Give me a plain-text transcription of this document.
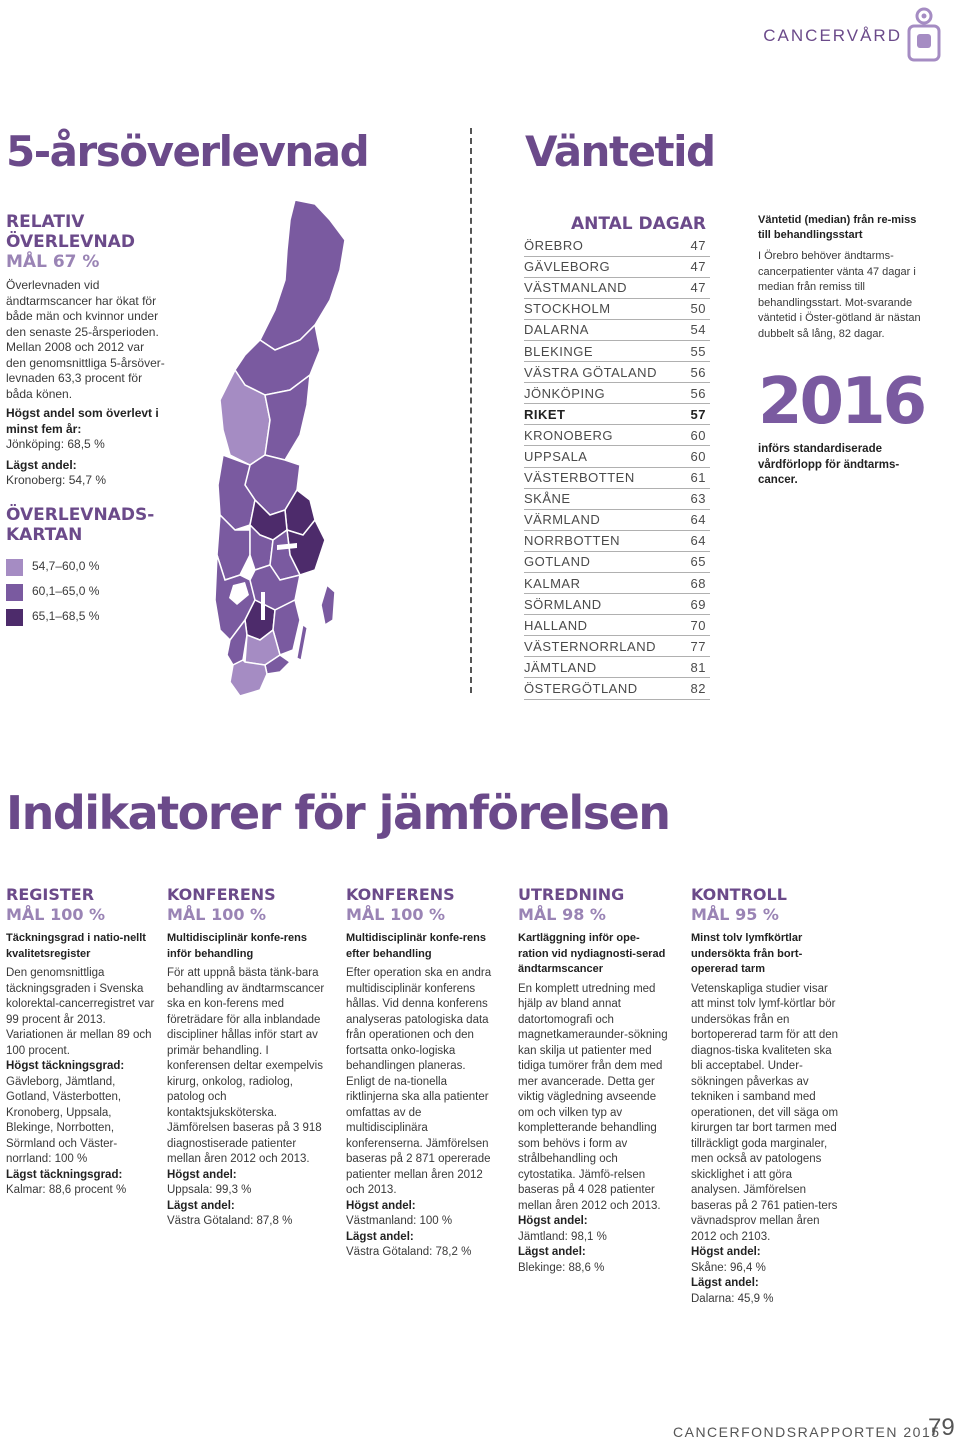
CANCERVÅRD
5-årsöverlevnad
RELATIV
ÖVERLEVNAD
MÅL 67 %
Överlevnaden vid ändtarmscancer har ökat för både män och kvinnor under den senaste 25-årsperioden. Mellan 2008 och 2012 var den genomsnittliga 5-årsöver-levnaden 63,3 procent för båda könen.
Högst andel som överlevt i minst fem år:
Jönköping: 68,5 %
Lägst andel:
Kronoberg: 54,7 %
ÖVERLEVNADS-
KARTAN
54,7–60,0 %
60,1–65,0 %
65,1–68,5 %
Väntetid
ANTAL DAGAR
ÖREBRO	47
GÄVLEBORG	47
VÄSTMANLAND	47
STOCKHOLM	50
DALARNA	54
BLEKINGE	55
VÄSTRA GÖTALAND	56
JÖNKÖPING	56
RIKET	57
KRONOBERG	60
UPPSALA	60
VÄSTERBOTTEN	61
SKÅNE	63
VÄRMLAND	64
NORRBOTTEN	64
GOTLAND	65
KALMAR	68
SÖRMLAND	69
HALLAND	70
VÄSTERNORRLAND	77
JÄMTLAND	81
ÖSTERGÖTLAND	82
Väntetid (median) från re-miss till behandlingsstart
I Örebro behöver ändtarms-cancerpatienter vänta 47 dagar i median från remiss till behandlingsstart. Mot-svarande väntetid i Öster-götland är nästan dubbelt så lång, 82 dagar.
2016
införs standardiserade vårdförlopp för ändtarms-cancer.
Indikatorer för jämförelsen
REGISTER
MÅL 100 %
Täckningsgrad i natio-nellt kvalitetsregister
Den genomsnittliga täckningsgraden i Svenska kolorektal-cancerregistret var 99 procent år 2013. Variationen är mellan 89 och 100 procent.
Högst täckningsgrad:
Gävleborg, Jämtland, Gotland, Västerbotten, Kronoberg, Uppsala, Blekinge, Norrbotten, Sörmland och Väster-norrland: 100 %
Lägst täckningsgrad:
Kalmar: 88,6 procent %
KONFERENS
MÅL 100 %
Multidisciplinär konfe-rens inför behandling
För att uppnå bästa tänk-bara behandling av ändtarmscancer ska en kon-ferens med företrädare för alla inblandade discipliner hållas inför start av primär behandling. I konferensen deltar exempelvis kirurg, onkolog, radiolog, patolog och kontaktsjuksköterska. Jämförelsen baseras på 3 918 diagnostiserade patienter mellan åren 2012 och 2013.
Högst andel:
Uppsala: 99,3 %
Lägst andel:
Västra Götaland: 87,8 %
KONFERENS
MÅL 100 %
Multidisciplinär konfe-rens efter behandling
Efter operation ska en andra multidisciplinär konferens hållas. Vid denna konferens analyseras patologiska data från operationen och den fortsatta onko-logiska behandlingen planeras. Enligt de na-tionella riktlinjerna ska alla patienter omfattas av de multidisciplinära konferenserna. Jämförelsen baseras på 2 871 opererade patienter mellan åren 2012 och 2013.
Högst andel:
Västmanland: 100 %
Lägst andel:
Västra Götaland: 78,2 %
UTREDNING
MÅL 98 %
Kartläggning inför ope-ration vid nydiagnosti-serad ändtarmscancer
En komplett utredning med hjälp av bland annat datortomografi och magnetkameraunder-sökning kan skilja ut patienter med tidiga tumörer från dem med mer avancerade. Detta ger viktig vägledning avseende om och vilken typ av kompletterande behandling som behövs i form av strålbehandling och cytostatika. Jämfö-relsen baseras på 4 028 patienter mellan åren 2012 och 2013.
Högst andel:
Jämtland: 98,1 %
Lägst andel:
Blekinge: 88,6 %
KONTROLL
MÅL 95 %
Minst tolv lymfkörtlar undersökta från bort-opererad tarm
Vetenskapliga studier visar att minst tolv lymf-körtlar bör undersökas från en bortopererad tarm för att den diagnos-tiska kvaliteten ska bli acceptabel. Under-sökningen påverkas av tekniken i samband med operationen, det vill säga om kirurgen tar bort tarmen med tillräckligt goda marginaler, men också av patologens skicklighet i att göra analysen. Jämförelsen baseras på 2 761 patien-ters vävnadsprov mellan åren 2012 och 2103.
Högst andel:
Skåne: 96,4 %
Lägst andel:
Dalarna: 45,9 %
CANCERFONDSRAPPORTEN 2015
79
